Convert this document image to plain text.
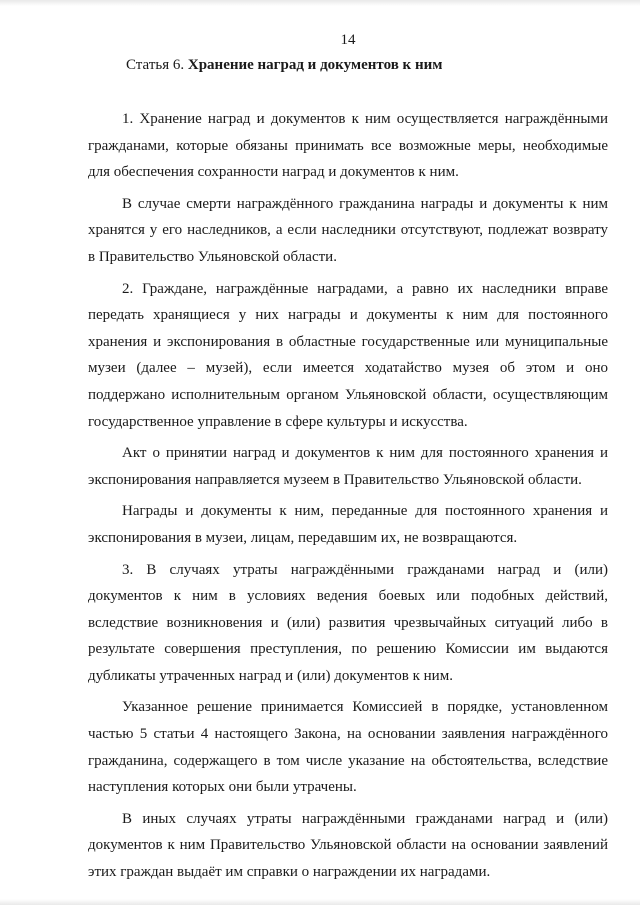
14
Статья 6. Хранение наград и документов к ним

1. Хранение наград и документов к ним осуществляется награждёнными гражданами, которые обязаны принимать все возможные меры, необходимые для обеспечения сохранности наград и документов к ним.

В случае смерти награждённого гражданина награды и документы к ним хранятся у его наследников, а если наследники отсутствуют, подлежат возврату в Правительство Ульяновской области.

2. Граждане, награждённые наградами, а равно их наследники вправе передать хранящиеся у них награды и документы к ним для постоянного хранения и экспонирования в областные государственные или муниципальные музеи (далее – музей), если имеется ходатайство музея об этом и оно поддержано исполнительным органом Ульяновской области, осуществляющим государственное управление в сфере культуры и искусства.

Акт о принятии наград и документов к ним для постоянного хранения и экспонирования направляется музеем в Правительство Ульяновской области.

Награды и документы к ним, переданные для постоянного хранения и экспонирования в музеи, лицам, передавшим их, не возвращаются.

3. В случаях утраты награждёнными гражданами наград и (или) документов к ним в условиях ведения боевых или подобных действий, вследствие возникновения и (или) развития чрезвычайных ситуаций либо в результате совершения преступления, по решению Комиссии им выдаются дубликаты утраченных наград и (или) документов к ним.

Указанное решение принимается Комиссией в порядке, установленном частью 5 статьи 4 настоящего Закона, на основании заявления награждённого гражданина, содержащего в том числе указание на обстоятельства, вследствие наступления которых они были утрачены.

В иных случаях утраты награждёнными гражданами наград и (или) документов к ним Правительство Ульяновской области на основании заявлений этих граждан выдаёт им справки о награждении их наградами.
